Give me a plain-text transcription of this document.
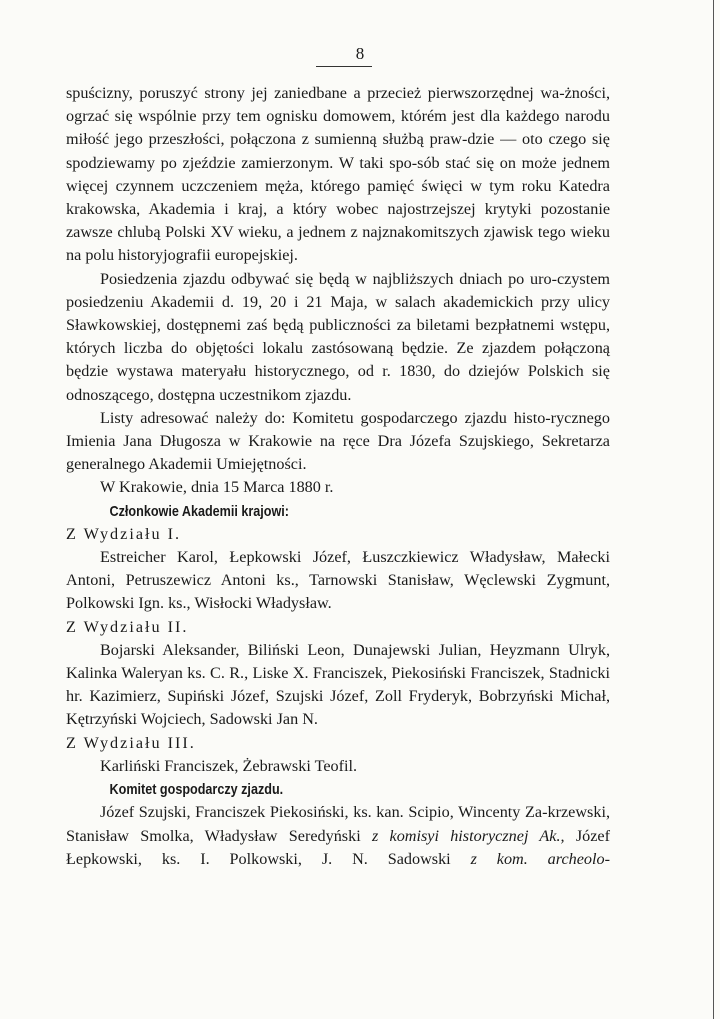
8

spuścizny, poruszyć strony jej zaniedbane a przecież pierwszorzędnej wa-żności, ogrzać się wspólnie przy tem ognisku domowem, którém jest dla każdego narodu miłość jego przeszłości, połączona z sumienną służbą praw-dzie — oto czego się spodziewamy po zjeździe zamierzonym. W taki spo-sób stać się on może jednem więcej czynnem uczczeniem męża, którego pamięć święci w tym roku Katedra krakowska, Akademia i kraj, a który wobec najostrzejszej krytyki pozostanie zawsze chlubą Polski XV wieku, a jednem z najznakomitszych zjawisk tego wieku na polu historyjografii europejskiej.

Posiedzenia zjazdu odbywać się będą w najbliższych dniach po uro-czystem posiedzeniu Akademii d. 19, 20 i 21 Maja, w salach akademickich przy ulicy Sławkowskiej, dostępnemi zaś będą publiczności za biletami bezpłatnemi wstępu, których liczba do objętości lokalu zastósowaną będzie. Ze zjazdem połączoną będzie wystawa materyału historycznego, od r. 1830, do dziejów Polskich się odnoszącego, dostępna uczestnikom zjazdu.

Listy adresować należy do: Komitetu gospodarczego zjazdu histo-rycznego Imienia Jana Długosza w Krakowie na ręce Dra Józefa Szujskiego, Sekretarza generalnego Akademii Umiejętności.

W Krakowie, dnia 15 Marca 1880 r.

Członkowie Akademii krajowi:

Z Wydziału I.

Estreicher Karol, Łepkowski Józef, Łuszczkiewicz Władysław, Małecki Antoni, Petruszewicz Antoni ks., Tarnowski Stanisław, Węclewski Zygmunt, Polkowski Ign. ks., Wisłocki Władysław.

Z Wydziału II.

Bojarski Aleksander, Biliński Leon, Dunajewski Julian, Heyzmann Ulryk, Kalinka Waleryan ks. C. R., Liske X. Franciszek, Piekosiński Franciszek, Stadnicki hr. Kazimierz, Supiński Józef, Szujski Józef, Zoll Fryderyk, Bobrzyński Michał, Kętrzyński Wojciech, Sadowski Jan N.

Z Wydziału III.

Karliński Franciszek, Żebrawski Teofil.

Komitet gospodarczy zjazdu.

Józef Szujski, Franciszek Piekosiński, ks. kan. Scipio, Wincenty Za-krzewski, Stanisław Smolka, Władysław Seredyński z komisyi historycznej Ak., Józef Łepkowski, ks. I. Polkowski, J. N. Sadowski z kom. archeolo-
